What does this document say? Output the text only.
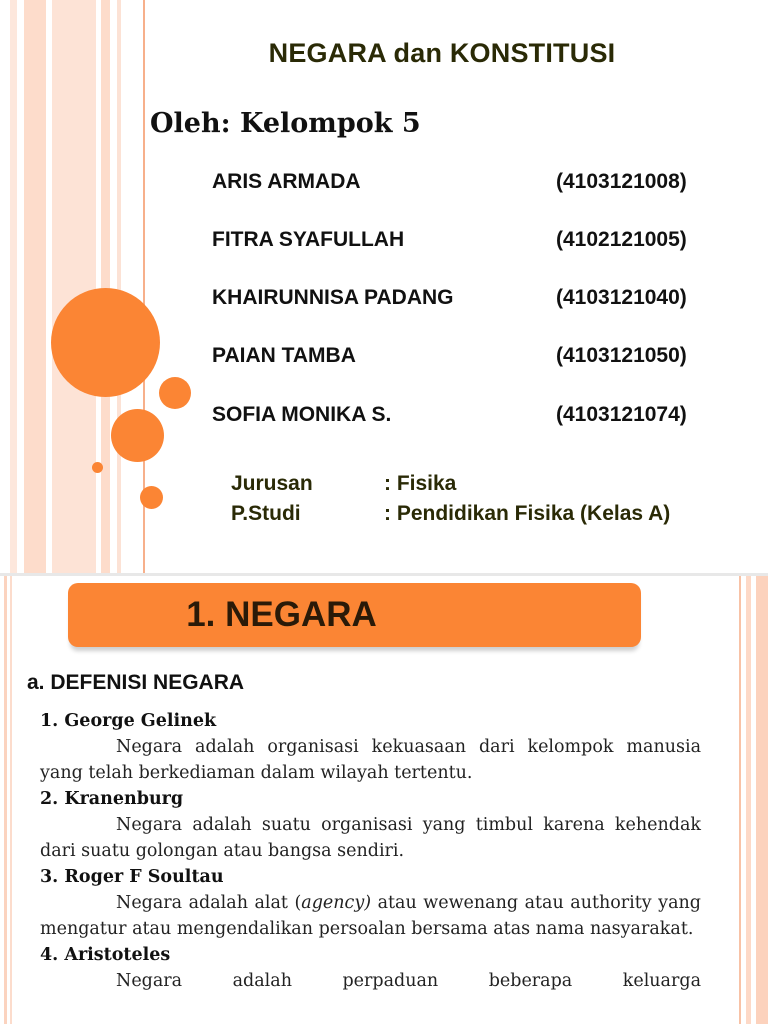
NEGARA dan KONSTITUSI
Oleh: Kelompok 5
ARIS ARMADA	(4103121008)
FITRA SYAFULLAH	(4102121005)
KHAIRUNNISA PADANG	(4103121040)
PAIAN TAMBA	(4103121050)
SOFIA MONIKA S.	(4103121074)
Jurusan	: Fisika
P.Studi	: Pendidikan Fisika (Kelas A)
1. NEGARA
a. DEFENISI NEGARA
1. George Gelinek
Negara adalah organisasi kekuasaan dari kelompok manusia yang telah berkediaman dalam wilayah tertentu.
2. Kranenburg
Negara adalah suatu organisasi yang timbul karena kehendak dari suatu golongan atau bangsa sendiri.
3. Roger F Soultau
Negara adalah alat (agency) atau wewenang atau authority yang mengatur atau mengendalikan persoalan bersama atas nama nasyarakat.
4. Aristoteles
Negara adalah perpaduan beberapa keluarga
